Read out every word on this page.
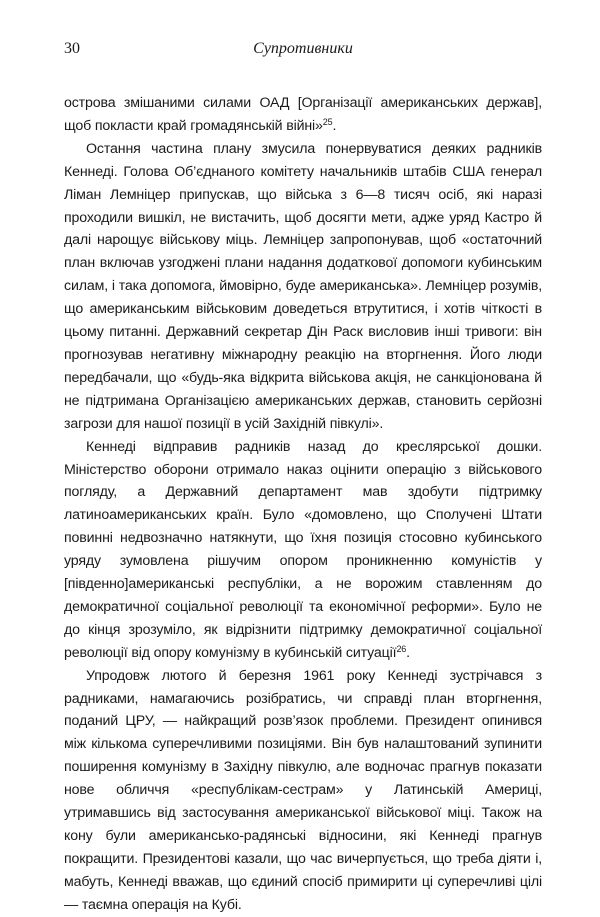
30	Супротивники

острова змішаними силами ОАД [Організації американських держав], щоб покласти край громадянській війні»$^{25}$.

Остання частина плану змусила понервуватися деяких радників Кеннеді. Голова Об’єднаного комітету начальників штабів США генерал Ліман Лемніцер припускав, що війська з 6—8 тисяч осіб, які наразі проходили вишкіл, не вистачить, щоб досягти мети, адже уряд Кастро й далі нарощує військову міць. Лемніцер запропонував, щоб «остаточний план включав узгоджені плани надання додаткової допомоги кубинським силам, і така допомога, ймовірно, буде американська». Лемніцер розумів, що американським військовим доведеться втрутитися, і хотів чіткості в цьому питанні. Державний секретар Дін Раск висловив інші тривоги: він прогнозував негативну міжнародну реакцію на вторгнення. Його люди передбачали, що «будь-яка відкрита військова акція, не санкціонована й не підтримана Організацією американських держав, становить серйозні загрози для нашої позиції в усій Західній півкулі».

Кеннеді відправив радників назад до креслярської дошки. Міністерство оборони отримало наказ оцінити операцію з військового погляду, а Державний департамент мав здобути підтримку латиноамериканських країн. Було «домовлено, що Сполучені Штати повинні недвозначно натякнути, що їхня позиція стосовно кубинського уряду зумовлена рішучим опором проникненню комуністів у [південно]американські республіки, а не ворожим ставленням до демократичної соціальної революції та економічної реформи». Було не до кінця зрозуміло, як відрізнити підтримку демократичної соціальної революції від опору комунізму в кубинській ситуації$^{26}$.

Упродовж лютого й березня 1961 року Кеннеді зустрічався з радниками, намагаючись розібратись, чи справді план вторгнення, поданий ЦРУ, — найкращий розв’язок проблеми. Президент опинився між кількома суперечливими позиціями. Він був налаштований зупинити поширення комунізму в Західну півкулю, але водночас прагнув показати нове обличчя «республікам-сестрам» у Латинській Америці, утримавшись від застосування американської військової міці. Також на кону були американсько-радянські відносини, які Кеннеді прагнув покращити. Президентові казали, що час вичерпується, що треба діяти і, мабуть, Кеннеді вважав, що єдиний спосіб примирити ці суперечливі цілі — таємна операція на Кубі.
